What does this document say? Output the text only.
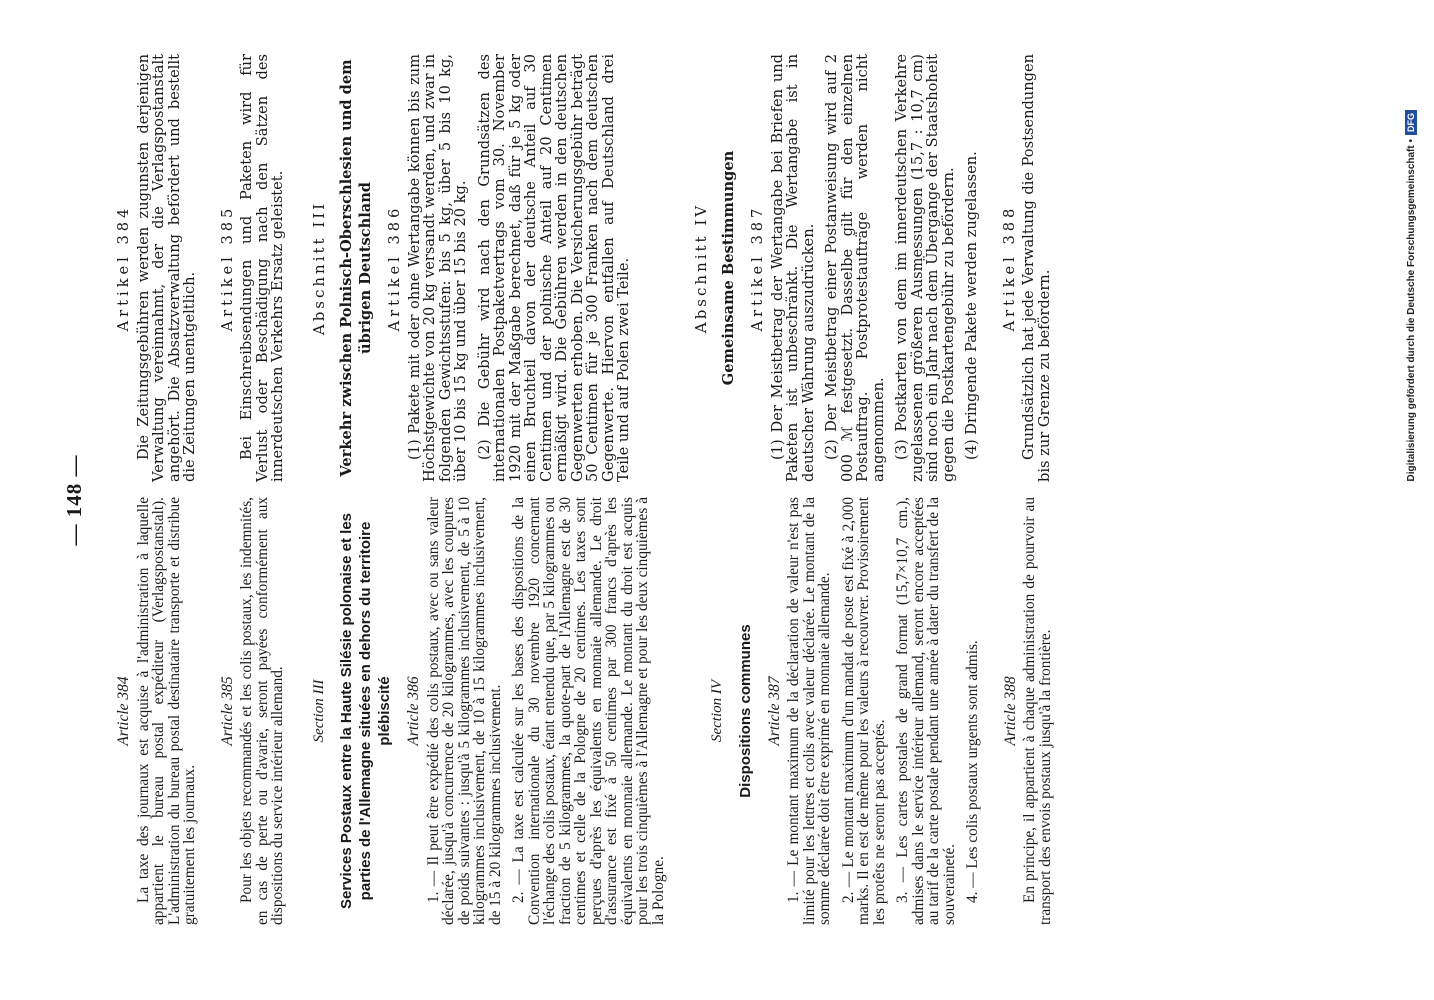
— 148 —
Article 384 La taxe des journaux est acquise à l'administration à laquelle appartient le bureau postal expéditeur (Verlagspostanstalt). L'administration du bureau postal destinataire transporte et distribue gratuitement les journaux.

Article 385 Pour les objets recommandés et les colis postaux, les indemnités, en cas de perte ou d'avarie, seront payées conformément aux dispositions du service intérieur allemand. Section III Services Postaux entre la Haute Silésie polonaise et les parties de l'Allemagne situées en dehors du territoire plébiscité Article 386 1. — Il peut être expédié des colis postaux, avec ou sans valeur déclarée, jusqu'à concurrence de 20 kilogrammes, avec les coupures de poids suivantes : jusqu'à 5 kilogrammes inclusivement, de 5 à 10 kilogrammes inclusivement, de 10 à 15 kilogrammes inclusivement, de 15 à 20 kilogrammes inclusivement. 2. — La taxe est calculée sur les bases des dispositions de la Convention internationale du 30 novembre 1920 concernant l'échange des colis postaux, étant entendu que, par 5 kilogrammes ou fraction de 5 kilogrammes, la quote-part de l'Allemagne est de 30 centimes et celle de la Pologne de 20 centimes. Les taxes sont perçues d'après les équivalents en monnaie allemande. Le droit d'assurance est fixé à 50 centimes par 300 francs d'après les équivalents en monnaie allemande. Le montant du droit est acquis pour les trois cinquièmes à l'Allemagne et pour les deux cinquièmes à la Pologne.

Section IV Dispositions communes Article 387 1. — Le montant maximum de la déclaration de valeur n'est pas limité pour les lettres et colis avec valeur déclarée. Le montant de la somme déclarée doit être exprimé en monnaie allemande. 2. — Le montant maximum d'un mandat de poste est fixé à 2,000 marks. Il en est de même pour les valeurs à recouvrer. Provisoirement les protêts ne seront pas acceptés. 3. — Les cartes postales de grand format (15,7×10,7 cm.), admises dans le service intérieur allemand, seront encore acceptées au tarif de la carte postale pendant une année à dater du transfert de la souveraineté. 4. — Les colis postaux urgents sont admis. Article 388 En principe, il appartient à chaque administration de pourvoir au transport des envois postaux jusqu'à la frontière.

Artikel 384 Die Zeitungsgebühren werden zugunsten derjenigen Verwaltung vereinnahmt, der die Verlagspostanstalt angehört. Die Absatzverwaltung befördert und bestellt die Zeitungen unentgeltlich.

Artikel 385 Bei Einschreibsendungen und Paketen wird für Verlust oder Beschädigung nach den Sätzen des innerdeutschen Verkehrs Ersatz geleistet. Abschnitt III Verkehr zwischen Polnisch-Oberschlesien und dem übrigen Deutschland Artikel 386 (1) Pakete mit oder ohne Wertangabe können bis zum Höchstgewichte von 20 kg versandt werden, und zwar in folgenden Gewichtsstufen: bis 5 kg, über 5 bis 10 kg, über 10 bis 15 kg und über 15 bis 20 kg. (2) Die Gebühr wird nach den Grundsätzen des internationalen Postpaketvertrags vom 30. November 1920 mit der Maßgabe berechnet, daß für je 5 kg oder einen Bruchteil davon der deutsche Anteil auf 30 Centimen und der polnische Anteil auf 20 Centimen ermäßigt wird. Die Gebühren werden in den deutschen Gegenwerten erhoben. Die Versicherungsgebühr beträgt 50 Centimen für je 300 Franken nach dem deutschen Gegenwerte. Hiervon entfallen auf Deutschland drei Teile und auf Polen zwei Teile.	Abschnitt IV Gemeinsame Bestimmungen Artikel 387 (1) Der Meistbetrag der Wertangabe bei Briefen und Paketen ist unbeschränkt. Die Wertangabe ist in deutscher Währung auszudrücken. (2) Der Meistbetrag einer Postanweisung wird auf 2 000 ℳ festgesetzt. Dasselbe gilt für den einzelnen Postauftrag. Postprotestaufträge werden nicht angenommen. (3) Postkarten von dem im innerdeutschen Verkehre zugelassenen größeren Ausmessungen (15,7 : 10,7 cm) sind noch ein Jahr nach dem Übergange der Staatshoheit gegen die Postkartengebühr zu befördern. (4) Dringende Pakete werden zugelassen. Artikel 388 Grundsätzlich hat jede Verwaltung die Postsendungen bis zur Grenze zu befördern.	Digitalisierung gefördert durch die Deutsche Forschungsgemeinschaft •DFG
